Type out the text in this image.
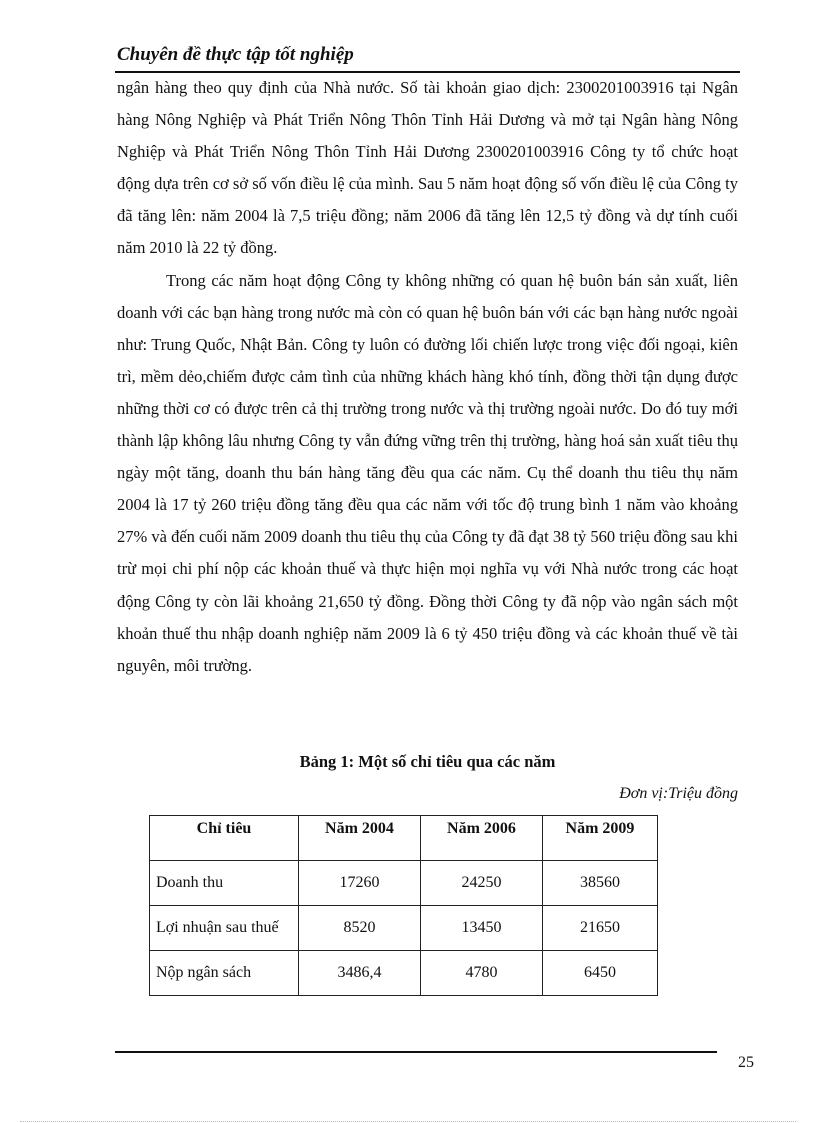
Chuyên đề thực tập tốt nghiệp

ngân hàng theo quy định của Nhà nước. Số tài khoản giao dịch: 2300201003916 tại Ngân hàng Nông Nghiệp và Phát Triển Nông Thôn Tỉnh Hải Dương và mở tại Ngân hàng Nông Nghiệp và Phát Triển Nông Thôn Tỉnh Hải Dương 2300201003916 Công ty tổ chức hoạt động dựa trên cơ sở số vốn điều lệ của mình. Sau 5 năm hoạt động số vốn điều lệ của Công ty đã tăng lên: năm 2004 là 7,5 triệu đồng; năm 2006 đã tăng lên 12,5 tỷ đồng và dự tính cuối năm 2010 là 22 tỷ đồng.

Trong các năm hoạt động Công ty không những có quan hệ buôn bán sản xuất, liên doanh với các bạn hàng trong nước mà còn có quan hệ buôn bán với các bạn hàng nước ngoài như: Trung Quốc, Nhật Bản. Công ty luôn có đường lối chiến lược trong việc đối ngoại, kiên trì, mềm dẻo,chiếm được cảm tình của những khách hàng khó tính, đồng thời tận dụng được những thời cơ có được trên cả thị trường trong nước và thị trường ngoài nước. Do đó tuy mới thành lập không lâu nhưng Công ty vẫn đứng vững trên thị trường, hàng hoá sản xuất tiêu thụ ngày một tăng, doanh thu bán hàng tăng đều qua các năm. Cụ thể doanh thu tiêu thụ năm 2004 là 17 tỷ 260 triệu đồng tăng đều qua các năm với tốc độ trung bình 1 năm vào khoảng 27% và đến cuối năm 2009 doanh thu tiêu thụ của Công ty đã đạt 38 tỷ 560 triệu đồng sau khi trừ mọi chi phí nộp các khoản thuế và thực hiện mọi nghĩa vụ với Nhà nước trong các hoạt động Công ty còn lãi khoảng 21,650 tỷ đồng. Đồng thời Công ty đã nộp vào ngân sách một khoản thuế thu nhập doanh nghiệp năm 2009 là 6 tỷ 450 triệu đồng và các khoản thuế về tài nguyên, môi trường.

Bảng 1: Một số chỉ tiêu qua các năm
Đơn vị:Triệu đồng
Chỉ tiêu	Năm 2004	Năm 2006	Năm 2009
Doanh thu	17260	24250	38560
Lợi nhuận sau thuế	8520	13450	21650
Nộp ngân sách	3486,4	4780	6450
25
